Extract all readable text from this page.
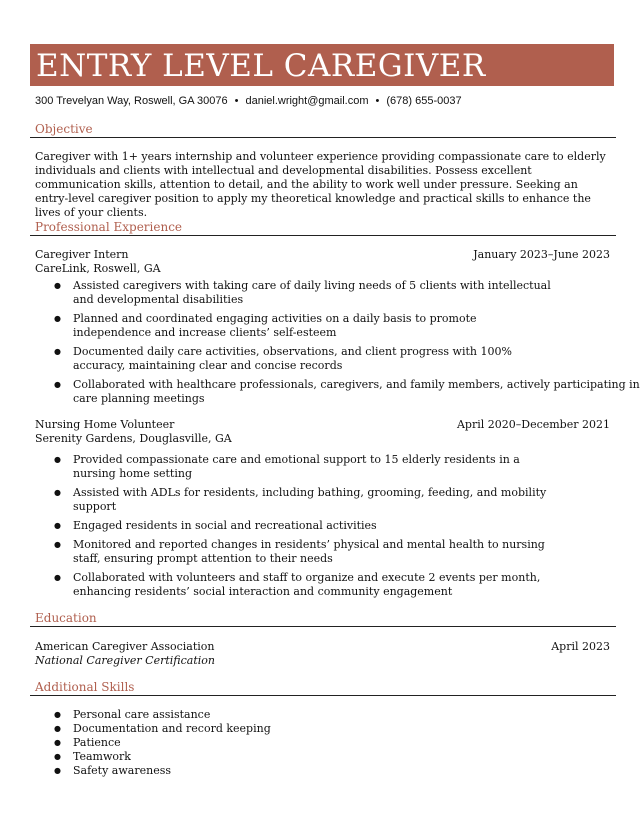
ENTRY LEVEL CAREGIVER
300 Trevelyan Way, Roswell, GA 30076 • daniel.wright@gmail.com • (678) 655-0037
Objective
Caregiver with 1+ years internship and volunteer experience providing compassionate care to elderly individuals and clients with intellectual and developmental disabilities. Possess excellent communication skills, attention to detail, and the ability to work well under pressure. Seeking an entry-level caregiver position to apply my theoretical knowledge and practical skills to enhance the lives of your clients.
Professional Experience
Caregiver Intern	January 2023–June 2023
CareLink, Roswell, GA
● Assisted caregivers with taking care of daily living needs of 5 clients with intellectual and developmental disabilities
● Planned and coordinated engaging activities on a daily basis to promote independence and increase clients’ self-esteem
● Documented daily care activities, observations, and client progress with 100% accuracy, maintaining clear and concise records
● Collaborated with healthcare professionals, caregivers, and family members, actively participating in care planning meetings
Nursing Home Volunteer	April 2020–December 2021
Serenity Gardens, Douglasville, GA
● Provided compassionate care and emotional support to 15 elderly residents in a nursing home setting
● Assisted with ADLs for residents, including bathing, grooming, feeding, and mobility support
● Engaged residents in social and recreational activities
● Monitored and reported changes in residents’ physical and mental health to nursing staff, ensuring prompt attention to their needs
● Collaborated with volunteers and staff to organize and execute 2 events per month, enhancing residents’ social interaction and community engagement
Education
American Caregiver Association	April 2023
National Caregiver Certification
Additional Skills
● Personal care assistance
● Documentation and record keeping
● Patience
● Teamwork
● Safety awareness
